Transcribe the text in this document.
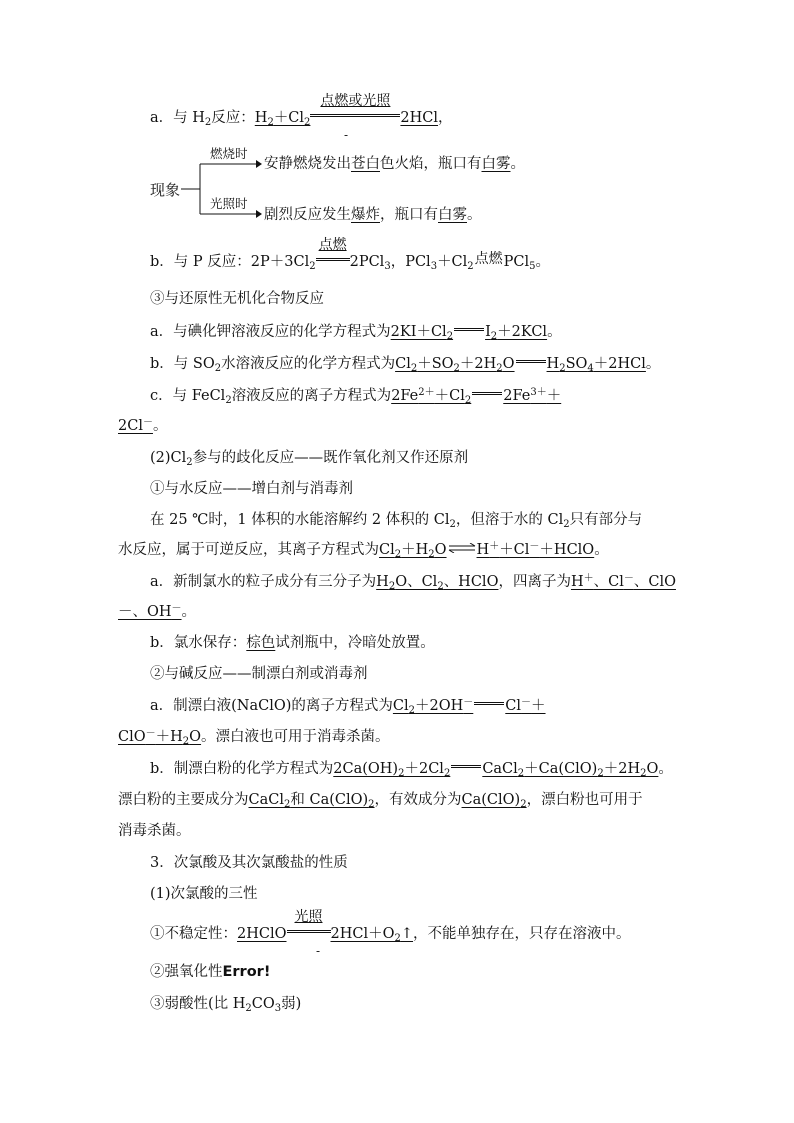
a．与 $H_2$反应：$H_2+Cl_2$
点燃或光照
2HCl，
-
现象
燃烧时
安静燃烧发出苍白色火焰，瓶口有白雾。
光照时
剧烈反应发生爆炸，瓶口有白雾。
b．与 P 反应：$2P+3Cl_2$
点燃
2PCl$_3$，$PCl_3+Cl_2$ 点燃 PCl$_5$。
③与还原性无机化合物反应
a．与碘化钾溶液反应的化学方程式为$2KI+Cl_2$ $I_2+2KCl$。
b．与 $SO_2$水溶液反应的化学方程式为$Cl_2+SO_2+2H_2O$ $H_2SO_4+2HCl$。
c．与 FeCl$_2$溶液反应的离子方程式为$2Fe^{2+}+Cl_2$ $2Fe^{3+}+$
2Cl－。
$(2)Cl_2$参与的歧化反应——既作氧化剂又作还原剂
①与水反应——增白剂与消毒剂
在 25 ℃时，1 体积的水能溶解约 2 体积的 $Cl_2$，但溶于水的 $Cl_2$只有部分与
水反应，属于可逆反应，其离子方程式为$Cl_2+H_2O\rightleftharpoons H^++Cl^-+HClO$。
a．新制氯水的粒子成分有三分子为$H_2O$、$Cl_2$、HClO，四离子为H＋、Cl－、ClO
－、OH－。
b．氯水保存：棕色试剂瓶中，冷暗处放置。
②与碱反应——制漂白剂或消毒剂
a．制漂白液(NaClO)的离子方程式为$Cl_2+2OH^-$ Cl－＋
$ClO^-+H_2O$。漂白液也可用于消毒杀菌。
b．制漂白粉的化学方程式为$2Ca(OH)_2+2Cl_2$ $CaCl_2+Ca(ClO)_2+2H_2O$。
漂白粉的主要成分为CaCl$_2$和 $Ca(ClO)_2$，有效成分为$Ca(ClO)_2$，漂白粉也可用于
消毒杀菌。
3．次氯酸及其次氯酸盐的性质
(1)次氯酸的三性
①不稳定性：2HClO
光照
$2HCl+O_2↑$，不能单独存在，只存在溶液中。
-
②强氧化性Error!
③弱酸性(比 $H_2CO_3$弱)
